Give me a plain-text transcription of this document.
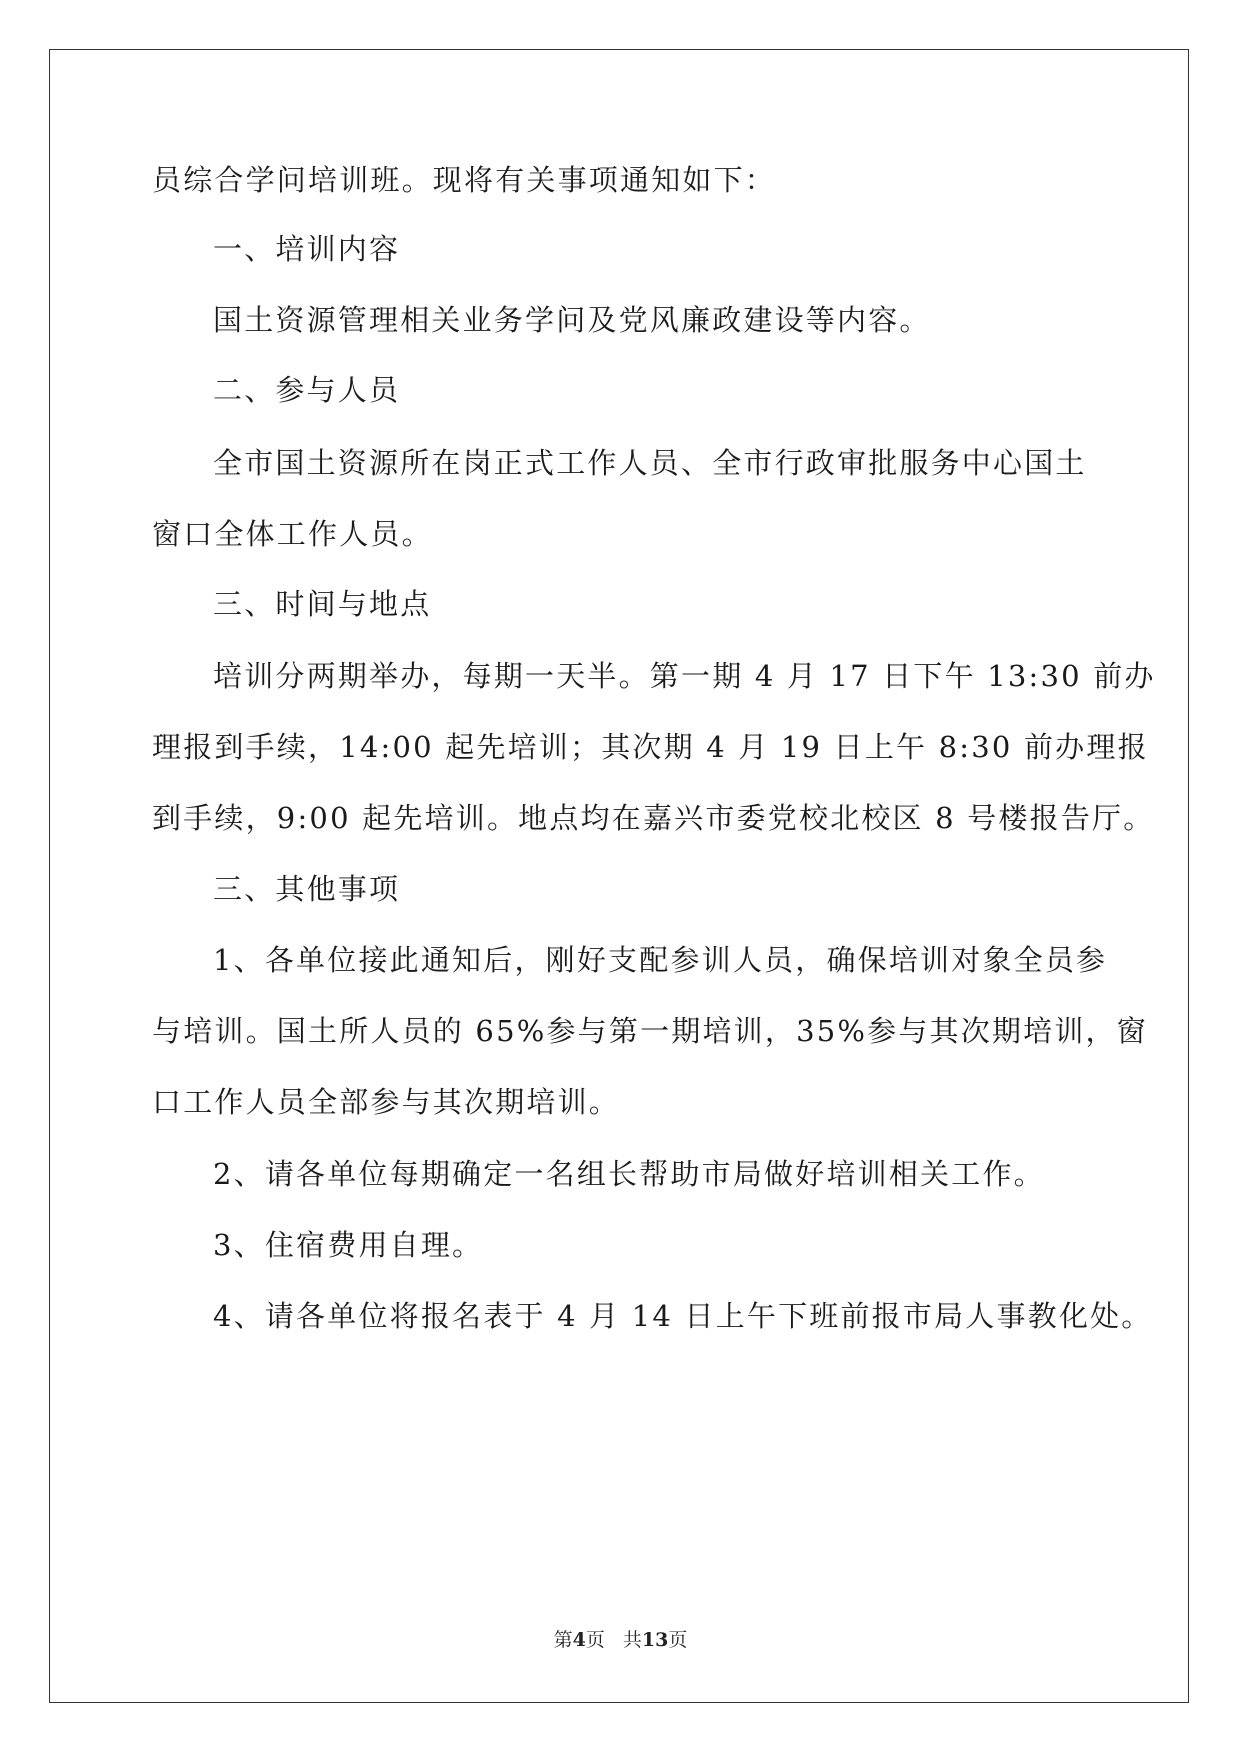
员综合学问培训班。现将有关事项通知如下：
一、培训内容
国土资源管理相关业务学问及党风廉政建设等内容。
二、参与人员
全市国土资源所在岗正式工作人员、全市行政审批服务中心国土
窗口全体工作人员。
三、时间与地点
培训分两期举办，每期一天半。第一期 4 月 17 日下午 13:30 前办
理报到手续，14:00 起先培训；其次期 4 月 19 日上午 8:30 前办理报
到手续，9:00 起先培训。地点均在嘉兴市委党校北校区 8 号楼报告厅。
三、其他事项
1、各单位接此通知后，刚好支配参训人员，确保培训对象全员参
与培训。国土所人员的 65%参与第一期培训，35%参与其次期培训，窗
口工作人员全部参与其次期培训。
2、请各单位每期确定一名组长帮助市局做好培训相关工作。
3、住宿费用自理。
4、请各单位将报名表于 4 月 14 日上午下班前报市局人事教化处。
第4页 共13页
